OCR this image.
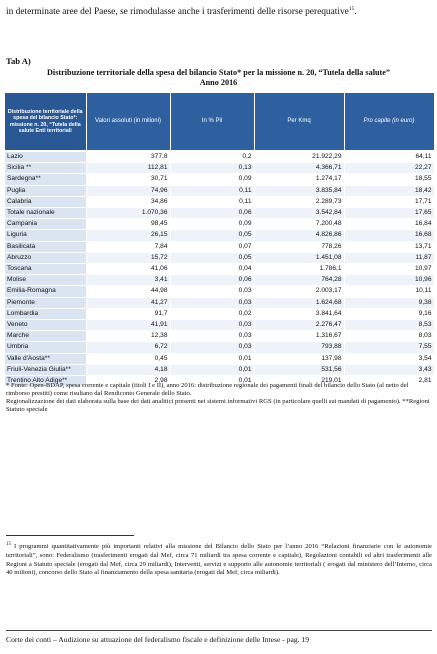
in determinate aree del Paese, se rimodulasse anche i trasferimenti delle risorse perequative$^{15}$.
Tab A)
Distribuzione territoriale della spesa del bilancio Stato* per la missione n. 20, “Tutela della salute”
Anno 2016
Distribuzione territoriale della spesa del bilancio Stato*: missione n. 20, “Tutela della salute Enti territoriali	Valori assoluti (in milioni)	In % Pil	Per Kmq	Pro capite (in euro)

Lazio	377,8	0,2	21.922,29	64,11
Sicilia **	112,81	0,13	4.366,71	22,27
Sardegna**	30,71	0,09	1.274,17	18,55
Puglia	74,96	0,11	3.835,84	18,42
Calabria	34,86	0,11	2.289,73	17,71
Totale nazionale	1.070,36	0,06	3.542,84	17,65
Campania	98,45	0,09	7.200,48	16,84
Liguria	26,15	0,05	4.826,86	16,68
Basilicata	7,84	0,07	778,26	13,71
Abruzzo	15,72	0,05	1.451,08	11,87
Toscana	41,06	0,04	1.786,1	10,97
Molise	3,41	0,06	764,28	10,96
Emilia-Romagna	44,98	0,03	2.003,17	10,11
Piemonte	41,27	0,03	1.624,68	9,38
Lombardia	91,7	0,02	3.841,64	9,16
Veneto	41,91	0,03	2.276,47	8,53
Marche	12,38	0,03	1.316,67	8,03
Umbria	6,72	0,03	793,88	7,55
Valle d'Aosta**	0,45	0,01	137,98	3,54
Friuli-Venezia Giulia**	4,18	0,01	531,56	3,43
Trentino Alto Adige**	2,98	0,01	219,01	2,81
* Fonte: Open-BDAP, spesa corrente e capitale (titoli I e II), anno 2016: distribuzione regionale dei pagamenti finali del bilancio dello Stato (al netto del rimborso prestiti) come risultano dal Rendiconto Generale dello Stato.
Regionalizzazione dei dati elaborata sulla base dei dati analitici presenti nei sistemi informativi RGS (in particolare quelli sui mandati di pagamento). **Regioni Statuto speciale
$^{15}$ I programmi quantitativamente più importanti relativi alla missione del Bilancio dello Stato per l’anno 2016 “Relazioni finanziarie con le autonomie territoriali”, sono: Federalismo (trasferimenti erogati dal Mef, circa 71 miliardi tra spesa corrente e capitale), Regolazioni contabili ed altri trasferimenti alle Regioni a Statuto speciale (erogati dal Mef, circa 29 miliardi), Interventi, servizi e supporto alle autonomie territoriali ( erogati dal ministero dell’Interno, circa 40 milioni), concorso dello Stato al finanziamento della spesa sanitaria (erogati dal Mef, circa miliardi).
Corte dei conti – Audizione su attuazione del federalismo fiscale e definizione delle Intese - pag. 19
